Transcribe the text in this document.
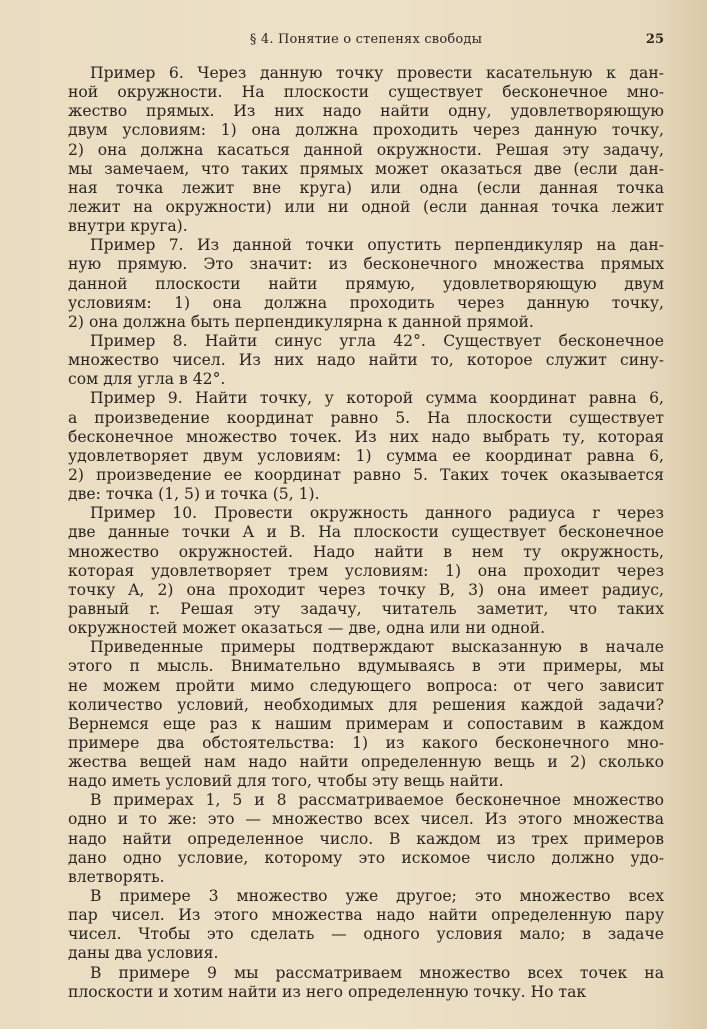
§ 4. Понятие о степенях свободы	25
Пример 6. Через данную точку провести касательную к дан-
ной окружности. На плоскости существует бесконечное мно-
жество прямых. Из них надо найти одну, удовлетворяющую
двум условиям: 1) она должна проходить через данную точку,
2) она должна касаться данной окружности. Решая эту задачу,
мы замечаем, что таких прямых может оказаться две (если дан-
ная точка лежит вне круга) или одна (если данная точка
лежит на окружности) или ни одной (если данная точка лежит
внутри круга).
Пример 7. Из данной точки опустить перпендикуляр на дан-
ную прямую. Это значит: из бесконечного множества прямых
данной плоскости найти прямую, удовлетворяющую двум
условиям: 1) она должна проходить через данную точку,
2) она должна быть перпендикулярна к данной прямой.
Пример 8. Найти синус угла 42°. Существует бесконечное
множество чисел. Из них надо найти то, которое служит сину-
сом для угла в 42°.
Пример 9. Найти точку, у которой сумма координат равна 6,
а произведение координат равно 5. На плоскости существует
бесконечное множество точек. Из них надо выбрать ту, которая
удовлетворяет двум условиям: 1) сумма ее координат равна 6,
2) произведение ее координат равно 5. Таких точек оказывается
две: точка (1, 5) и точка (5, 1).
Пример 10. Провести окружность данного радиуса r через
две данные точки A и B. На плоскости существует бесконечное
множество окружностей. Надо найти в нем ту окружность,
которая удовлетворяет трем условиям: 1) она проходит через
точку A, 2) она проходит через точку B, 3) она имеет радиус,
равный r. Решая эту задачу, читатель заметит, что таких
окружностей может оказаться — две, одна или ни одной.
Приведенные примеры подтверждают высказанную в начале
этого п мысль. Внимательно вдумываясь в эти примеры, мы
не можем пройти мимо следующего вопроса: от чего зависит
количество условий, необходимых для решения каждой задачи?
Вернемся еще раз к нашим примерам и сопоставим в каждом
примере два обстоятельства: 1) из какого бесконечного мно-
жества вещей нам надо найти определенную вещь и 2) сколько
надо иметь условий для того, чтобы эту вещь найти.
В примерах 1, 5 и 8 рассматриваемое бесконечное множество
одно и то же: это — множество всех чисел. Из этого множества
надо найти определенное число. В каждом из трех примеров
дано одно условие, которому это искомое число должно удо-
влетворять.
В примере 3 множество уже другое; это множество всех
пар чисел. Из этого множества надо найти определенную пару
чисел. Чтобы это сделать — одного условия мало; в задаче
даны два условия.
В примере 9 мы рассматриваем множество всех точек на
плоскости и хотим найти из него определенную точку. Но так
